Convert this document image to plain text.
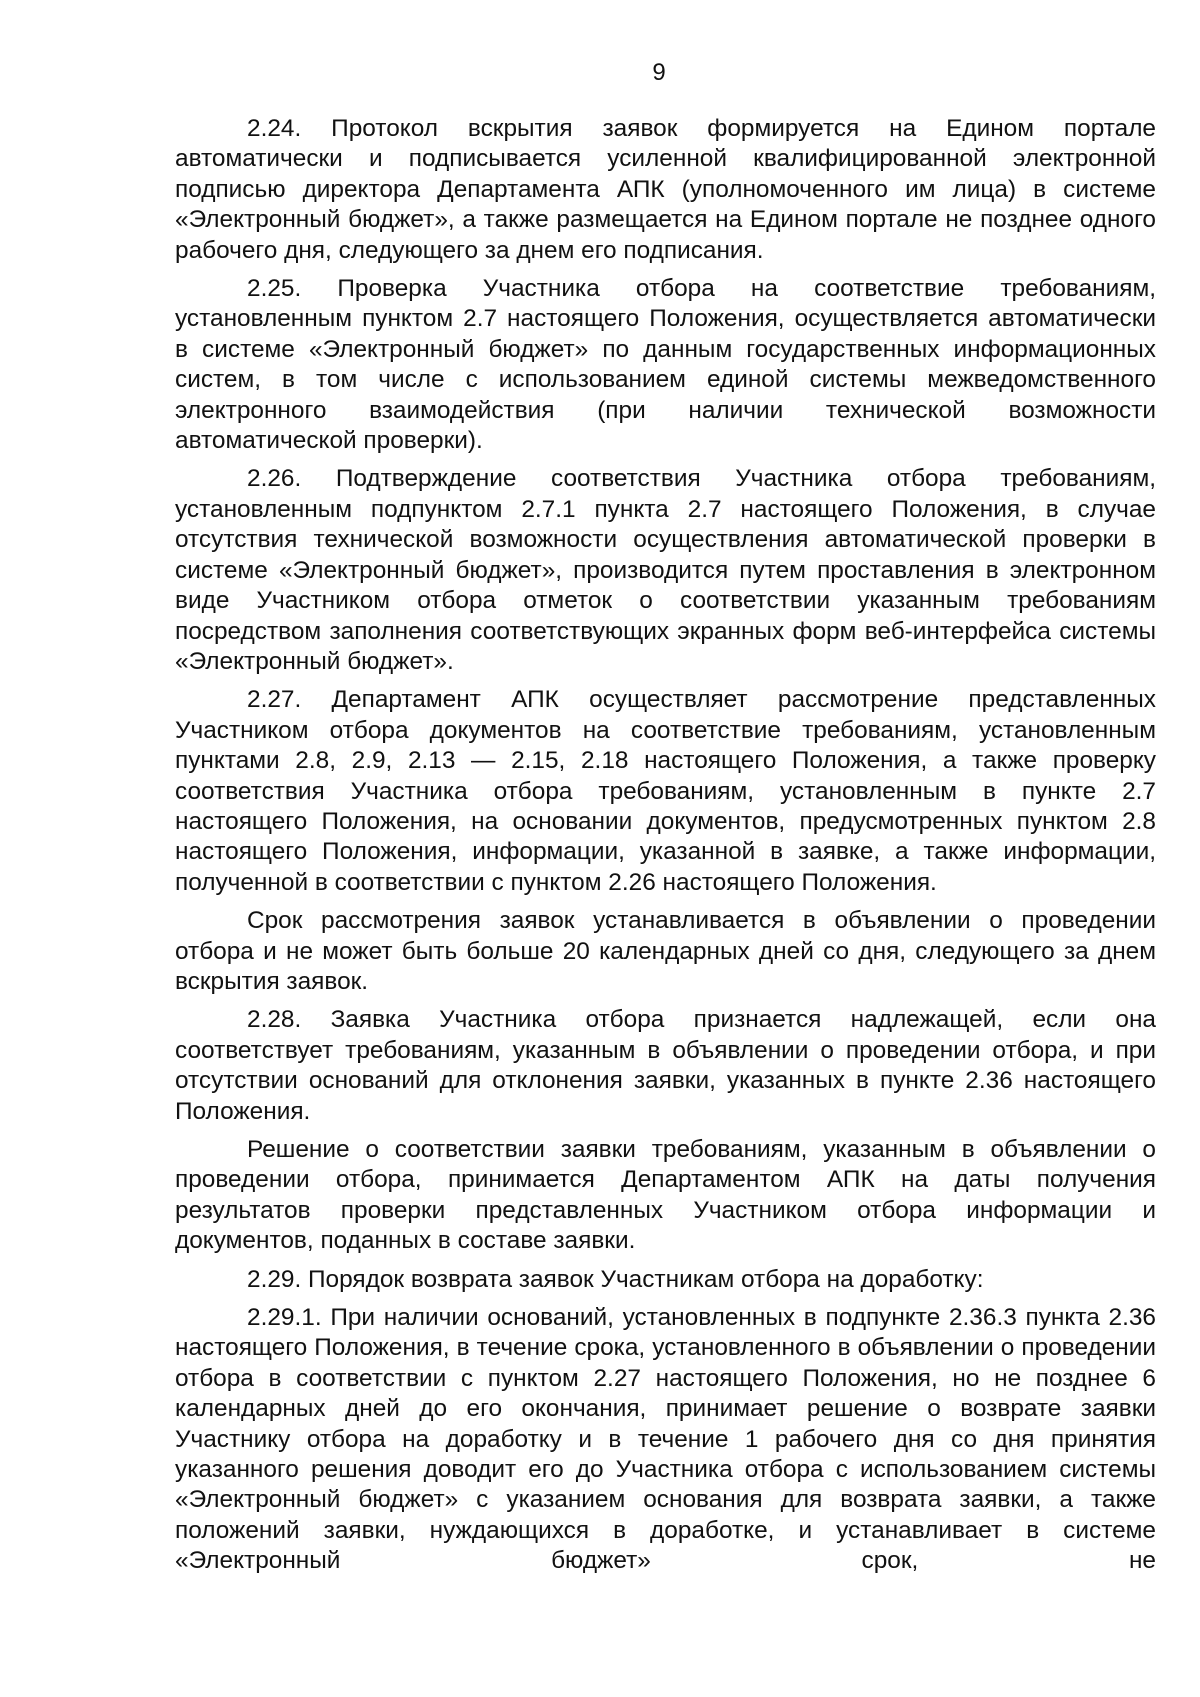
9

2.24. Протокол вскрытия заявок формируется на Едином портале автоматически и подписывается усиленной квалифицированной электронной подписью директора Департамента АПК (уполномоченного им лица) в системе «Электронный бюджет», а также размещается на Едином портале не позднее одного рабочего дня, следующего за днем его подписания.

2.25. Проверка Участника отбора на соответствие требованиям, установленным пунктом 2.7 настоящего Положения, осуществляется автоматически в системе «Электронный бюджет» по данным государственных информационных систем, в том числе с использованием единой системы межведомственного электронного взаимодействия (при наличии технической возможности автоматической проверки).

2.26. Подтверждение соответствия Участника отбора требованиям, установленным подпунктом 2.7.1 пункта 2.7 настоящего Положения, в случае отсутствия технической возможности осуществления автоматической проверки в системе «Электронный бюджет», производится путем проставления в электронном виде Участником отбора отметок о соответствии указанным требованиям посредством заполнения соответствующих экранных форм веб-интерфейса системы «Электронный бюджет».

2.27. Департамент АПК осуществляет рассмотрение представленных Участником отбора документов на соответствие требованиям, установленным пунктами 2.8, 2.9, 2.13 — 2.15, 2.18 настоящего Положения, а также проверку соответствия Участника отбора требованиям, установленным в пункте 2.7 настоящего Положения, на основании документов, предусмотренных пунктом 2.8 настоящего Положения, информации, указанной в заявке, а также информации, полученной в соответствии с пунктом 2.26 настоящего Положения.

Срок рассмотрения заявок устанавливается в объявлении о проведении отбора и не может быть больше 20 календарных дней со дня, следующего за днем вскрытия заявок.

2.28. Заявка Участника отбора признается надлежащей, если она соответствует требованиям, указанным в объявлении о проведении отбора, и при отсутствии оснований для отклонения заявки, указанных в пункте 2.36 настоящего Положения.

Решение о соответствии заявки требованиям, указанным в объявлении о проведении отбора, принимается Департаментом АПК на даты получения результатов проверки представленных Участником отбора информации и документов, поданных в составе заявки.

2.29. Порядок возврата заявок Участникам отбора на доработку:

2.29.1. При наличии оснований, установленных в подпункте 2.36.3 пункта 2.36 настоящего Положения, в течение срока, установленного в объявлении о проведении отбора в соответствии с пунктом 2.27 настоящего Положения, но не позднее 6 календарных дней до его окончания, принимает решение о возврате заявки Участнику отбора на доработку и в течение 1 рабочего дня со дня принятия указанного решения доводит его до Участника отбора с использованием системы «Электронный бюджет» с указанием основания для возврата заявки, а также положений заявки, нуждающихся в доработке, и устанавливает в системе «Электронный бюджет» срок, не
